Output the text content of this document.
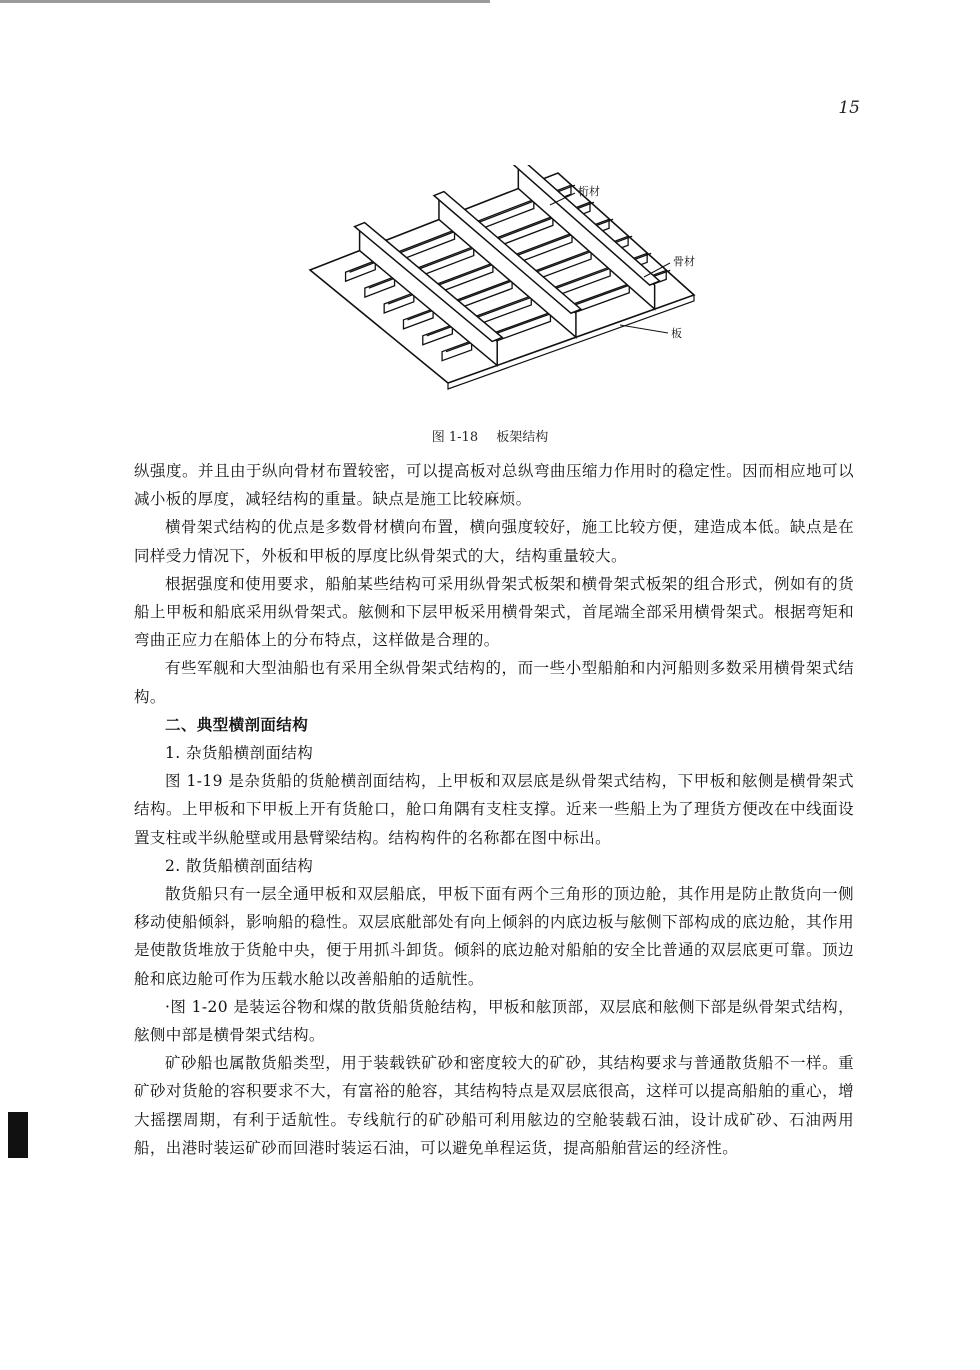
15
桁材
骨材
板
图 1-18 板架结构

纵强度。并且由于纵向骨材布置较密，可以提高板对总纵弯曲压缩力作用时的稳定性。因而相应地可以减小板的厚度，减轻结构的重量。缺点是施工比较麻烦。

横骨架式结构的优点是多数骨材横向布置，横向强度较好，施工比较方便，建造成本低。缺点是在同样受力情况下，外板和甲板的厚度比纵骨架式的大，结构重量较大。

根据强度和使用要求，船舶某些结构可采用纵骨架式板架和横骨架式板架的组合形式，例如有的货船上甲板和船底采用纵骨架式。舷侧和下层甲板采用横骨架式，首尾端全部采用横骨架式。根据弯矩和弯曲正应力在船体上的分布特点，这样做是合理的。

有些军舰和大型油船也有采用全纵骨架式结构的，而一些小型船舶和内河船则多数采用横骨架式结构。

二、典型横剖面结构

1. 杂货船横剖面结构

图 1-19 是杂货船的货舱横剖面结构，上甲板和双层底是纵骨架式结构，下甲板和舷侧是横骨架式结构。上甲板和下甲板上开有货舱口，舱口角隅有支柱支撑。近来一些船上为了理货方便改在中线面设置支柱或半纵舱壁或用悬臂梁结构。结构构件的名称都在图中标出。

2. 散货船横剖面结构

散货船只有一层全通甲板和双层船底，甲板下面有两个三角形的顶边舱，其作用是防止散货向一侧移动使船倾斜，影响船的稳性。双层底舭部处有向上倾斜的内底边板与舷侧下部构成的底边舱，其作用是使散货堆放于货舱中央，便于用抓斗卸货。倾斜的底边舱对船舶的安全比普通的双层底更可靠。顶边舱和底边舱可作为压载水舱以改善船舶的适航性。

·图 1-20 是装运谷物和煤的散货船货舱结构，甲板和舷顶部，双层底和舷侧下部是纵骨架式结构，舷侧中部是横骨架式结构。

矿砂船也属散货船类型，用于装载铁矿砂和密度较大的矿砂，其结构要求与普通散货船不一样。重矿砂对货舱的容积要求不大，有富裕的舱容，其结构特点是双层底很高，这样可以提高船舶的重心，增大摇摆周期，有利于适航性。专线航行的矿砂船可利用舷边的空舱装载石油，设计成矿砂、石油两用船，出港时装运矿砂而回港时装运石油，可以避免单程运货，提高船舶营运的经济性。
